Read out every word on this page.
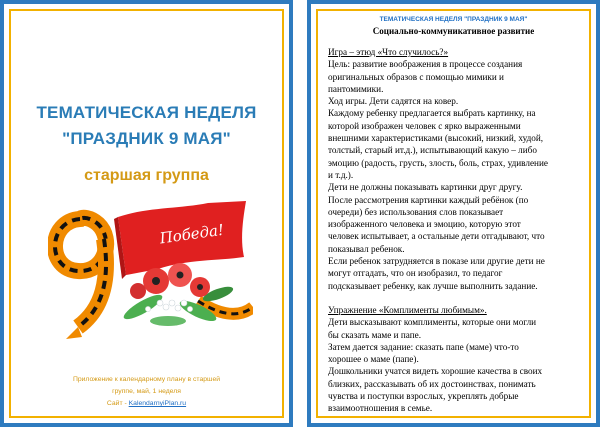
ТЕМАТИЧЕСКАЯ НЕДЕЛЯ
"ПРАЗДНИК 9 МАЯ"
старшая группа
Победа!
Приложение к календарному плану в старшей
группе, май, 1 неделя
Сайт - KalendarnyiPlan.ru
ТЕМАТИЧЕСКАЯ НЕДЕЛЯ "ПРАЗДНИК 9 МАЯ"
Социально-коммуникативное развитие
Игра – этюд «Что случилось?»
Цель: развитие воображения в процессе создания
оригинальных образов с помощью мимики и
пантомимики.
Ход игры. Дети садятся на ковер.
Каждому ребенку предлагается выбрать картинку, на
которой изображен человек с ярко выраженными
внешними характеристиками (высокий, низкий, худой,
толстый, старый ит.д.), испытывающий какую – либо
эмоцию (радость, грусть, злость, боль, страх, удивление
и т.д.).
Дети не должны показывать картинки друг другу.
После рассмотрения картинки каждый ребёнок (по
очереди) без использования слов показывает
изображенного человека и эмоцию, которую этот
человек испытывает, а остальные дети отгадывают, что
показывал ребенок.
Если ребенок затрудняется в показе или другие дети не
могут отгадать, что он изобразил, то педагог
подсказывает ребенку, как лучше выполнить задание.
Упражнение «Комплименты любимым».
Дети высказывают комплименты, которые они могли
бы сказать маме и папе.
Затем дается задание: сказать папе (маме) что-то
хорошее о маме (папе).
Дошкольники учатся видеть хорошие качества в своих
близких, рассказывать об их достоинствах, понимать
чувства и поступки взрослых, укреплять добрые
взаимоотношения в семье.
